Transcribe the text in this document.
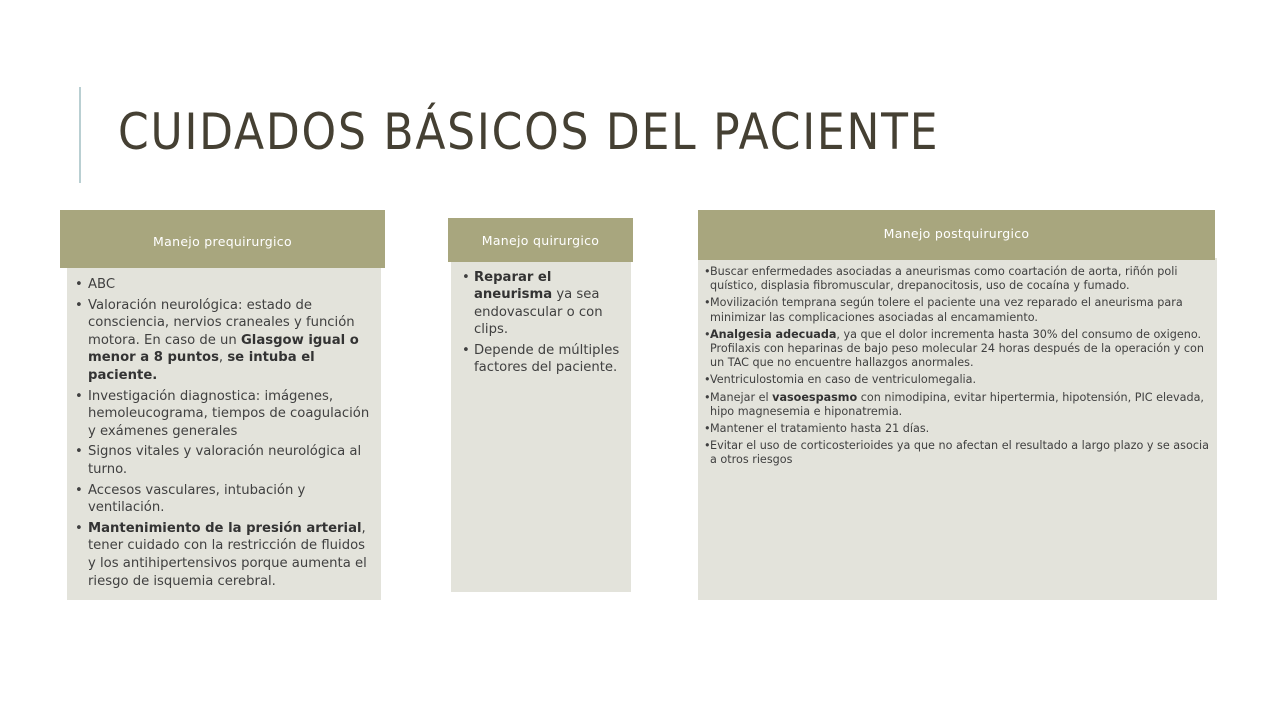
CUIDADOS BÁSICOS DEL PACIENTE
Manejo prequirurgico
• ABC
• Valoración neurológica: estado de consciencia, nervios craneales y función motora. En caso de un Glasgow igual o menor a 8 puntos, se intuba el paciente.
• Investigación diagnostica: imágenes, hemoleucograma, tiempos de coagulación y exámenes generales
• Signos vitales y valoración neurológica al turno.
• Accesos vasculares, intubación y ventilación.
• Mantenimiento de la presión arterial, tener cuidado con la restricción de fluidos y los antihipertensivos porque aumenta el riesgo de isquemia cerebral.
Manejo quirurgico
• Reparar el aneurisma ya sea endovascular o con clips.
• Depende de múltiples factores del paciente.
Manejo postquirurgico
• Buscar enfermedades asociadas a aneurismas como coartación de aorta, riñón poli quístico, displasia fibromuscular, drepanocitosis, uso de cocaína y fumado.
• Movilización temprana según tolere el paciente una vez reparado el aneurisma para minimizar las complicaciones asociadas al encamamiento.
• Analgesia adecuada, ya que el dolor incrementa hasta 30% del consumo de oxigeno. Profilaxis con heparinas de bajo peso molecular 24 horas después de la operación y con un TAC que no encuentre hallazgos anormales.
• Ventriculostomia en caso de ventriculomegalia.
• Manejar el vasoespasmo con nimodipina, evitar hipertermia, hipotensión, PIC elevada, hipo magnesemia e hiponatremia.
• Mantener el tratamiento hasta 21 días.
• Evitar el uso de corticosterioides ya que no afectan el resultado a largo plazo y se asocia a otros riesgos
